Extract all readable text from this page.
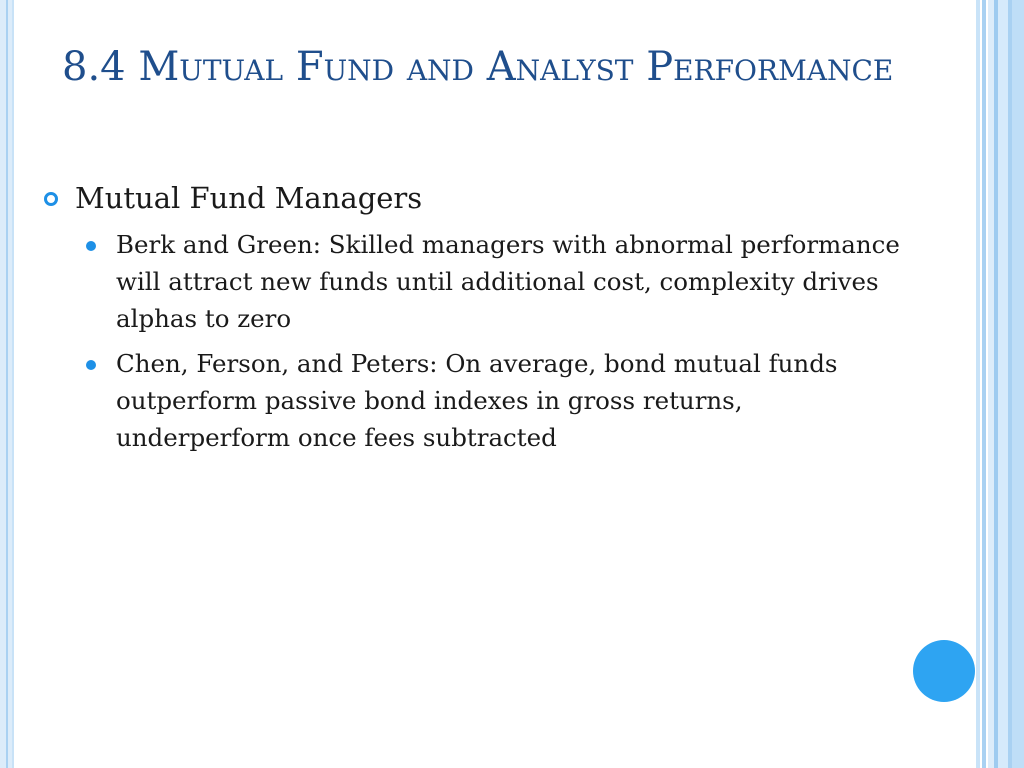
8.4 Mutual Fund and Analyst Performance
Mutual Fund Managers
Berk and Green: Skilled managers with abnormal performance will attract new funds until additional cost, complexity drives alphas to zero
Chen, Ferson, and Peters: On average, bond mutual funds outperform passive bond indexes in gross returns, underperform once fees subtracted
